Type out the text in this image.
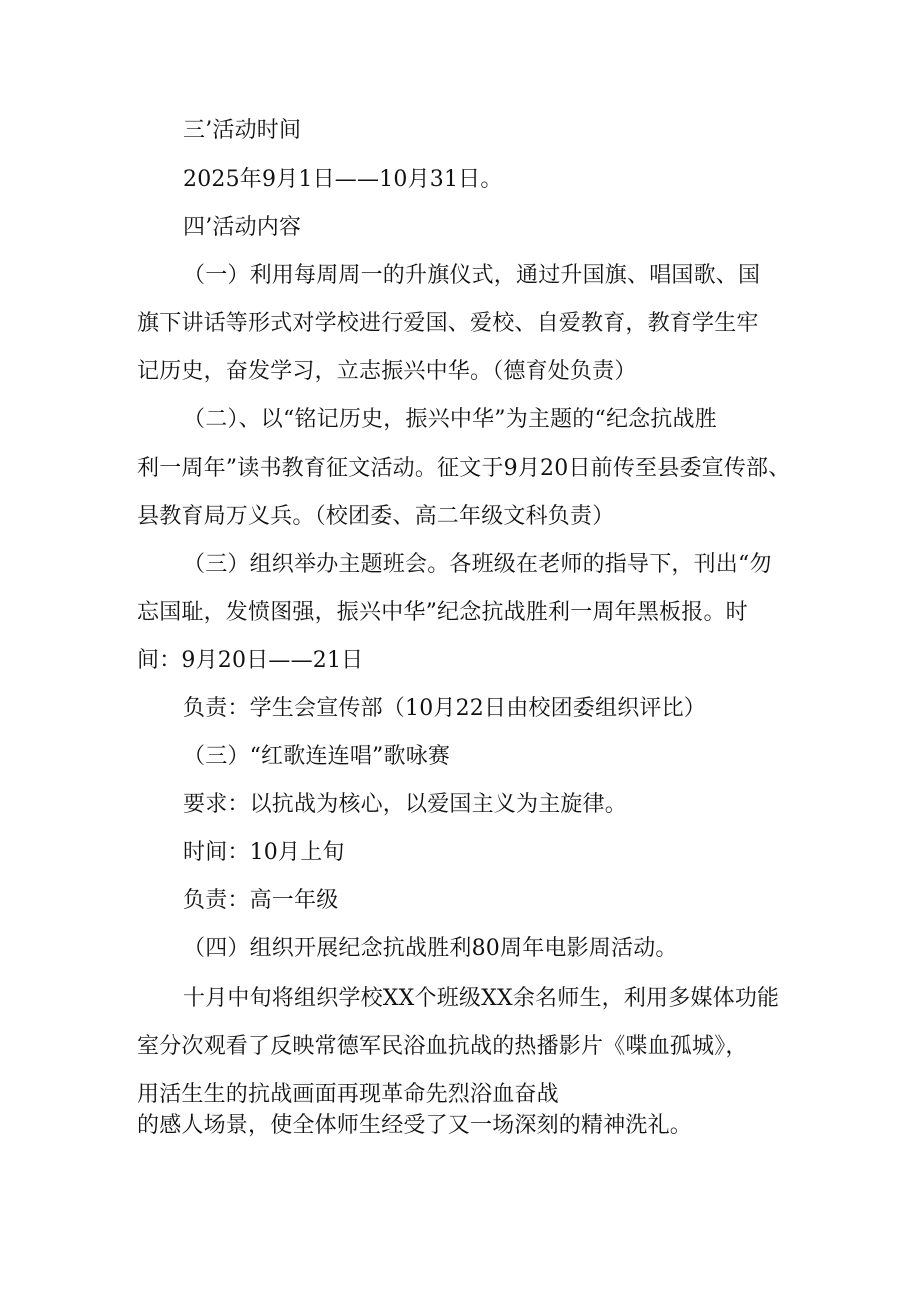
三’活动时间
2025年9月1日——10月31日。
四’活动内容
（一）利用每周周一的升旗仪式，通过升国旗、唱国歌、国
旗下讲话等形式对学校进行爱国、爱校、自爱教育，教育学生牢
记历史，奋发学习，立志振兴中华。（德育处负责）
（二）、以“铭记历史，振兴中华”为主题的“纪念抗战胜
利一周年”读书教育征文活动。征文于9月20日前传至县委宣传部、
县教育局万义兵。（校团委、高二年级文科负责）
（三）组织举办主题班会。各班级在老师的指导下，刊出“勿
忘国耻，发愤图强，振兴中华”纪念抗战胜利一周年黑板报。时
间：9月20日——21日
负责：学生会宣传部（10月22日由校团委组织评比）
（三）“红歌连连唱”歌咏赛
要求：以抗战为核心，以爱国主义为主旋律。
时间：10月上旬
负责：高一年级
（四）组织开展纪念抗战胜利80周年电影周活动。
十月中旬将组织学校XX个班级XX余名师生，利用多媒体功能
室分次观看了反映常德军民浴血抗战的热播影片《喋血孤城》，
用活生生的抗战画面再现革命先烈浴血奋战
的感人场景，使全体师生经受了又一场深刻的精神洗礼。
